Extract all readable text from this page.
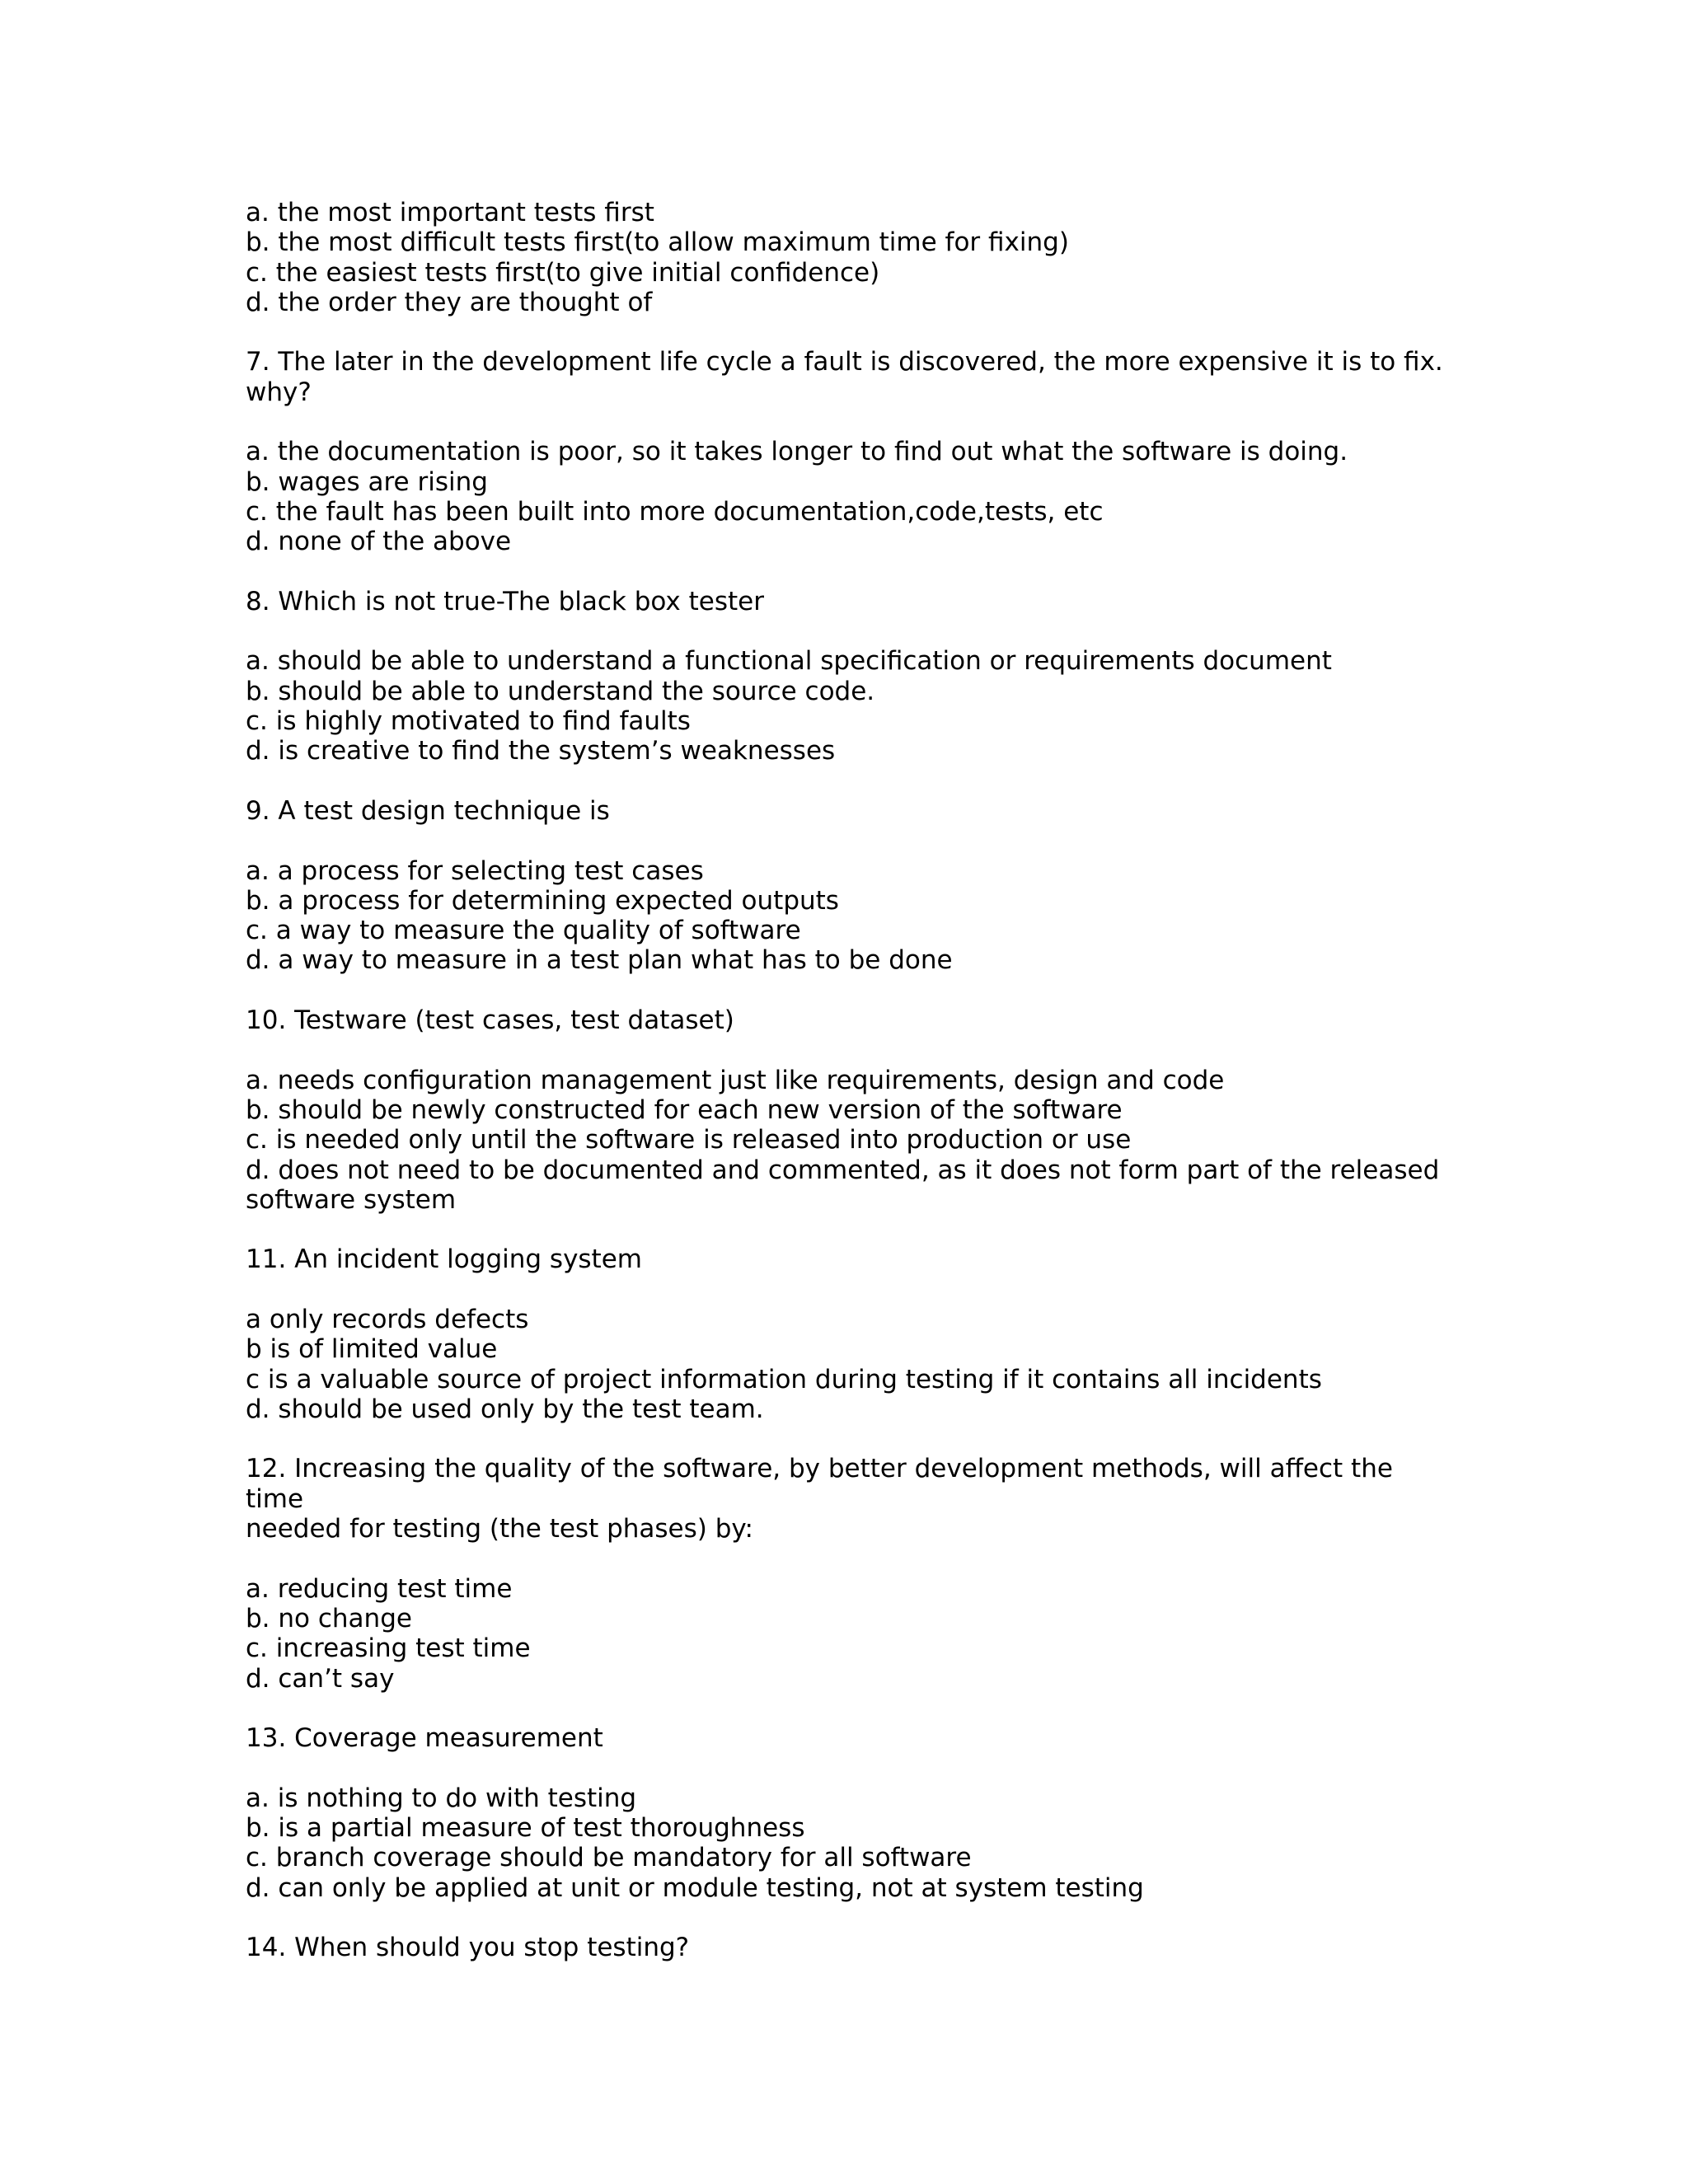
a. the most important tests first
b. the most difficult tests first(to allow maximum time for fixing)
c. the easiest tests first(to give initial confidence)
d. the order they are thought of
7. The later in the development life cycle a fault is discovered, the more expensive it is to fix.
why?
a. the documentation is poor, so it takes longer to find out what the software is doing.
b. wages are rising
c. the fault has been built into more documentation,code,tests, etc
d. none of the above
8. Which is not true-The black box tester
a. should be able to understand a functional specification or requirements document
b. should be able to understand the source code.
c. is highly motivated to find faults
d. is creative to find the system’s weaknesses
9. A test design technique is
a. a process for selecting test cases
b. a process for determining expected outputs
c. a way to measure the quality of software
d. a way to measure in a test plan what has to be done
10. Testware (test cases, test dataset)
a. needs configuration management just like requirements, design and code
b. should be newly constructed for each new version of the software
c. is needed only until the software is released into production or use
d. does not need to be documented and commented, as it does not form part of the released
software system
11. An incident logging system
a only records defects
b is of limited value
c is a valuable source of project information during testing if it contains all incidents
d. should be used only by the test team.
12. Increasing the quality of the software, by better development methods, will affect the time
needed for testing (the test phases) by:
a. reducing test time
b. no change
c. increasing test time
d. can’t say
13. Coverage measurement
a. is nothing to do with testing
b. is a partial measure of test thoroughness
c. branch coverage should be mandatory for all software
d. can only be applied at unit or module testing, not at system testing
14. When should you stop testing?
